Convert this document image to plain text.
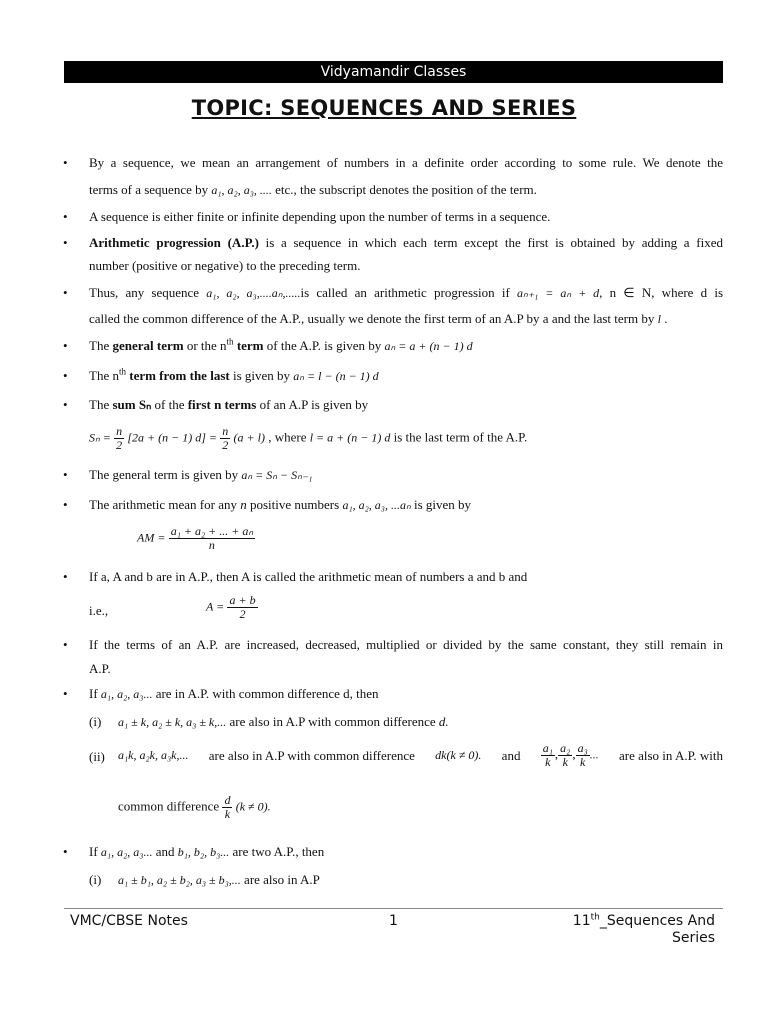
Vidyamandir Classes
TOPIC: SEQUENCES AND SERIES
• By a sequence, we mean an arrangement of numbers in a definite order according to some rule. We denote the
terms of a sequence by a₁, a₂, a₃, .... etc., the subscript denotes the position of the term.
• A sequence is either finite or infinite depending upon the number of terms in a sequence.
• Arithmetic progression (A.P.) is a sequence in which each term except the first is obtained by adding a fixed
number (positive or negative) to the preceding term.
• Thus, any sequence a₁, a₂, a₃,....aₙ,.....is called an arithmetic progression if aₙ₊₁ = aₙ + d, n ∈ N, where d is
called the common difference of the A.P., usually we denote the first term of an A.P by a and the last term by l .
• The general term or the $n^{th}$ term of the A.P. is given by aₙ = a + (n − 1) d
• The $n^{th}$ term from the last is given by aₙ = l − (n − 1) d
• The sum Sₙ of the first n terms of an A.P is given by
$S_n = \frac{n}{2} [2a + (n - 1) d] = \frac{n}{2} (a + l)$ , where l = a + (n − 1) d is the last term of the A.P.
• The general term is given by aₙ = Sₙ − Sₙ₋₁
• The arithmetic mean for any n positive numbers a₁, a₂, a₃, ...aₙ is given by
AM = $\frac{\text{a₁ + a₂ + ... + aₙ}}{n}$
• If a, A and b are in A.P., then A is called the arithmetic mean of numbers a and b and
i.e.,	$A = \frac{a + b}{2}$
• If the terms of an A.P. are increased, decreased, multiplied or divided by the same constant, they still remain in
A.P.
• If a₁, a₂, a₃... are in A.P. with common difference d, then
(i) a₁ ± k, a₂ ± k, a₃ ± k,... are also in A.P with common difference d.
(ii) a₁k, a₂k, a₃k,... are also in A.P with common difference dk(k ≠ 0). and $\frac{\text{a₁}}{k}$ , $\frac{\text{a₂}}{k}$ , $\frac{\text{a₃}}{k}$ ... are also in A.P. with
common difference $\frac{d}{k} (k \ne 0)$.
• If a₁, a₂, a₃... and b₁, b₂, b₃... are two A.P., then
(i) a₁ ± b₁, a₂ ± b₂, a₃ ± b₃,... are also in A.P
VMC/CBSE Notes	1	11th_Sequences And
Series
